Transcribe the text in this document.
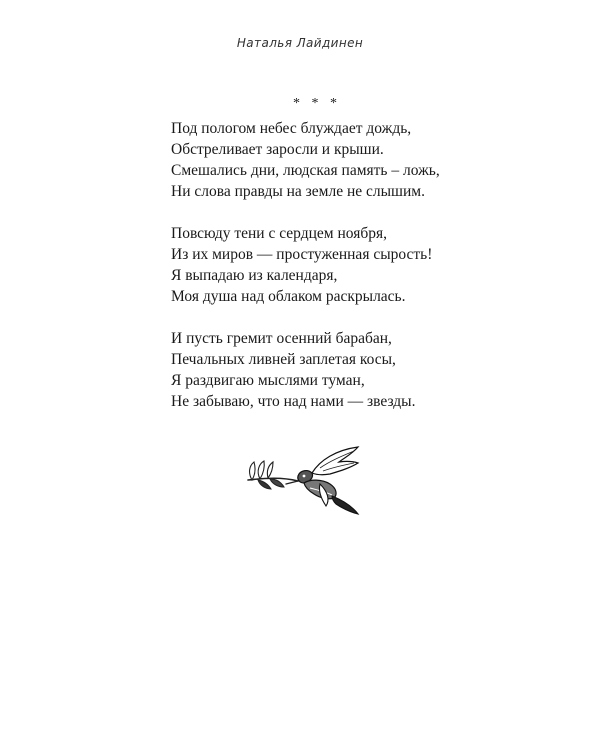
Наталья Лайдинен
* * *
Под пологом небес блуждает дождь,
Обстреливает заросли и крыши.
Смешались дни, людская память – ложь,
Ни слова правды на земле не слышим.
Повсюду тени с сердцем ноября,
Из их миров — простуженная сырость!
Я выпадаю из календаря,
Моя душа над облаком раскрылась.
И пусть гремит осенний барабан,
Печальных ливней заплетая косы,
Я раздвигаю мыслями туман,
Не забываю, что над нами — звезды.
